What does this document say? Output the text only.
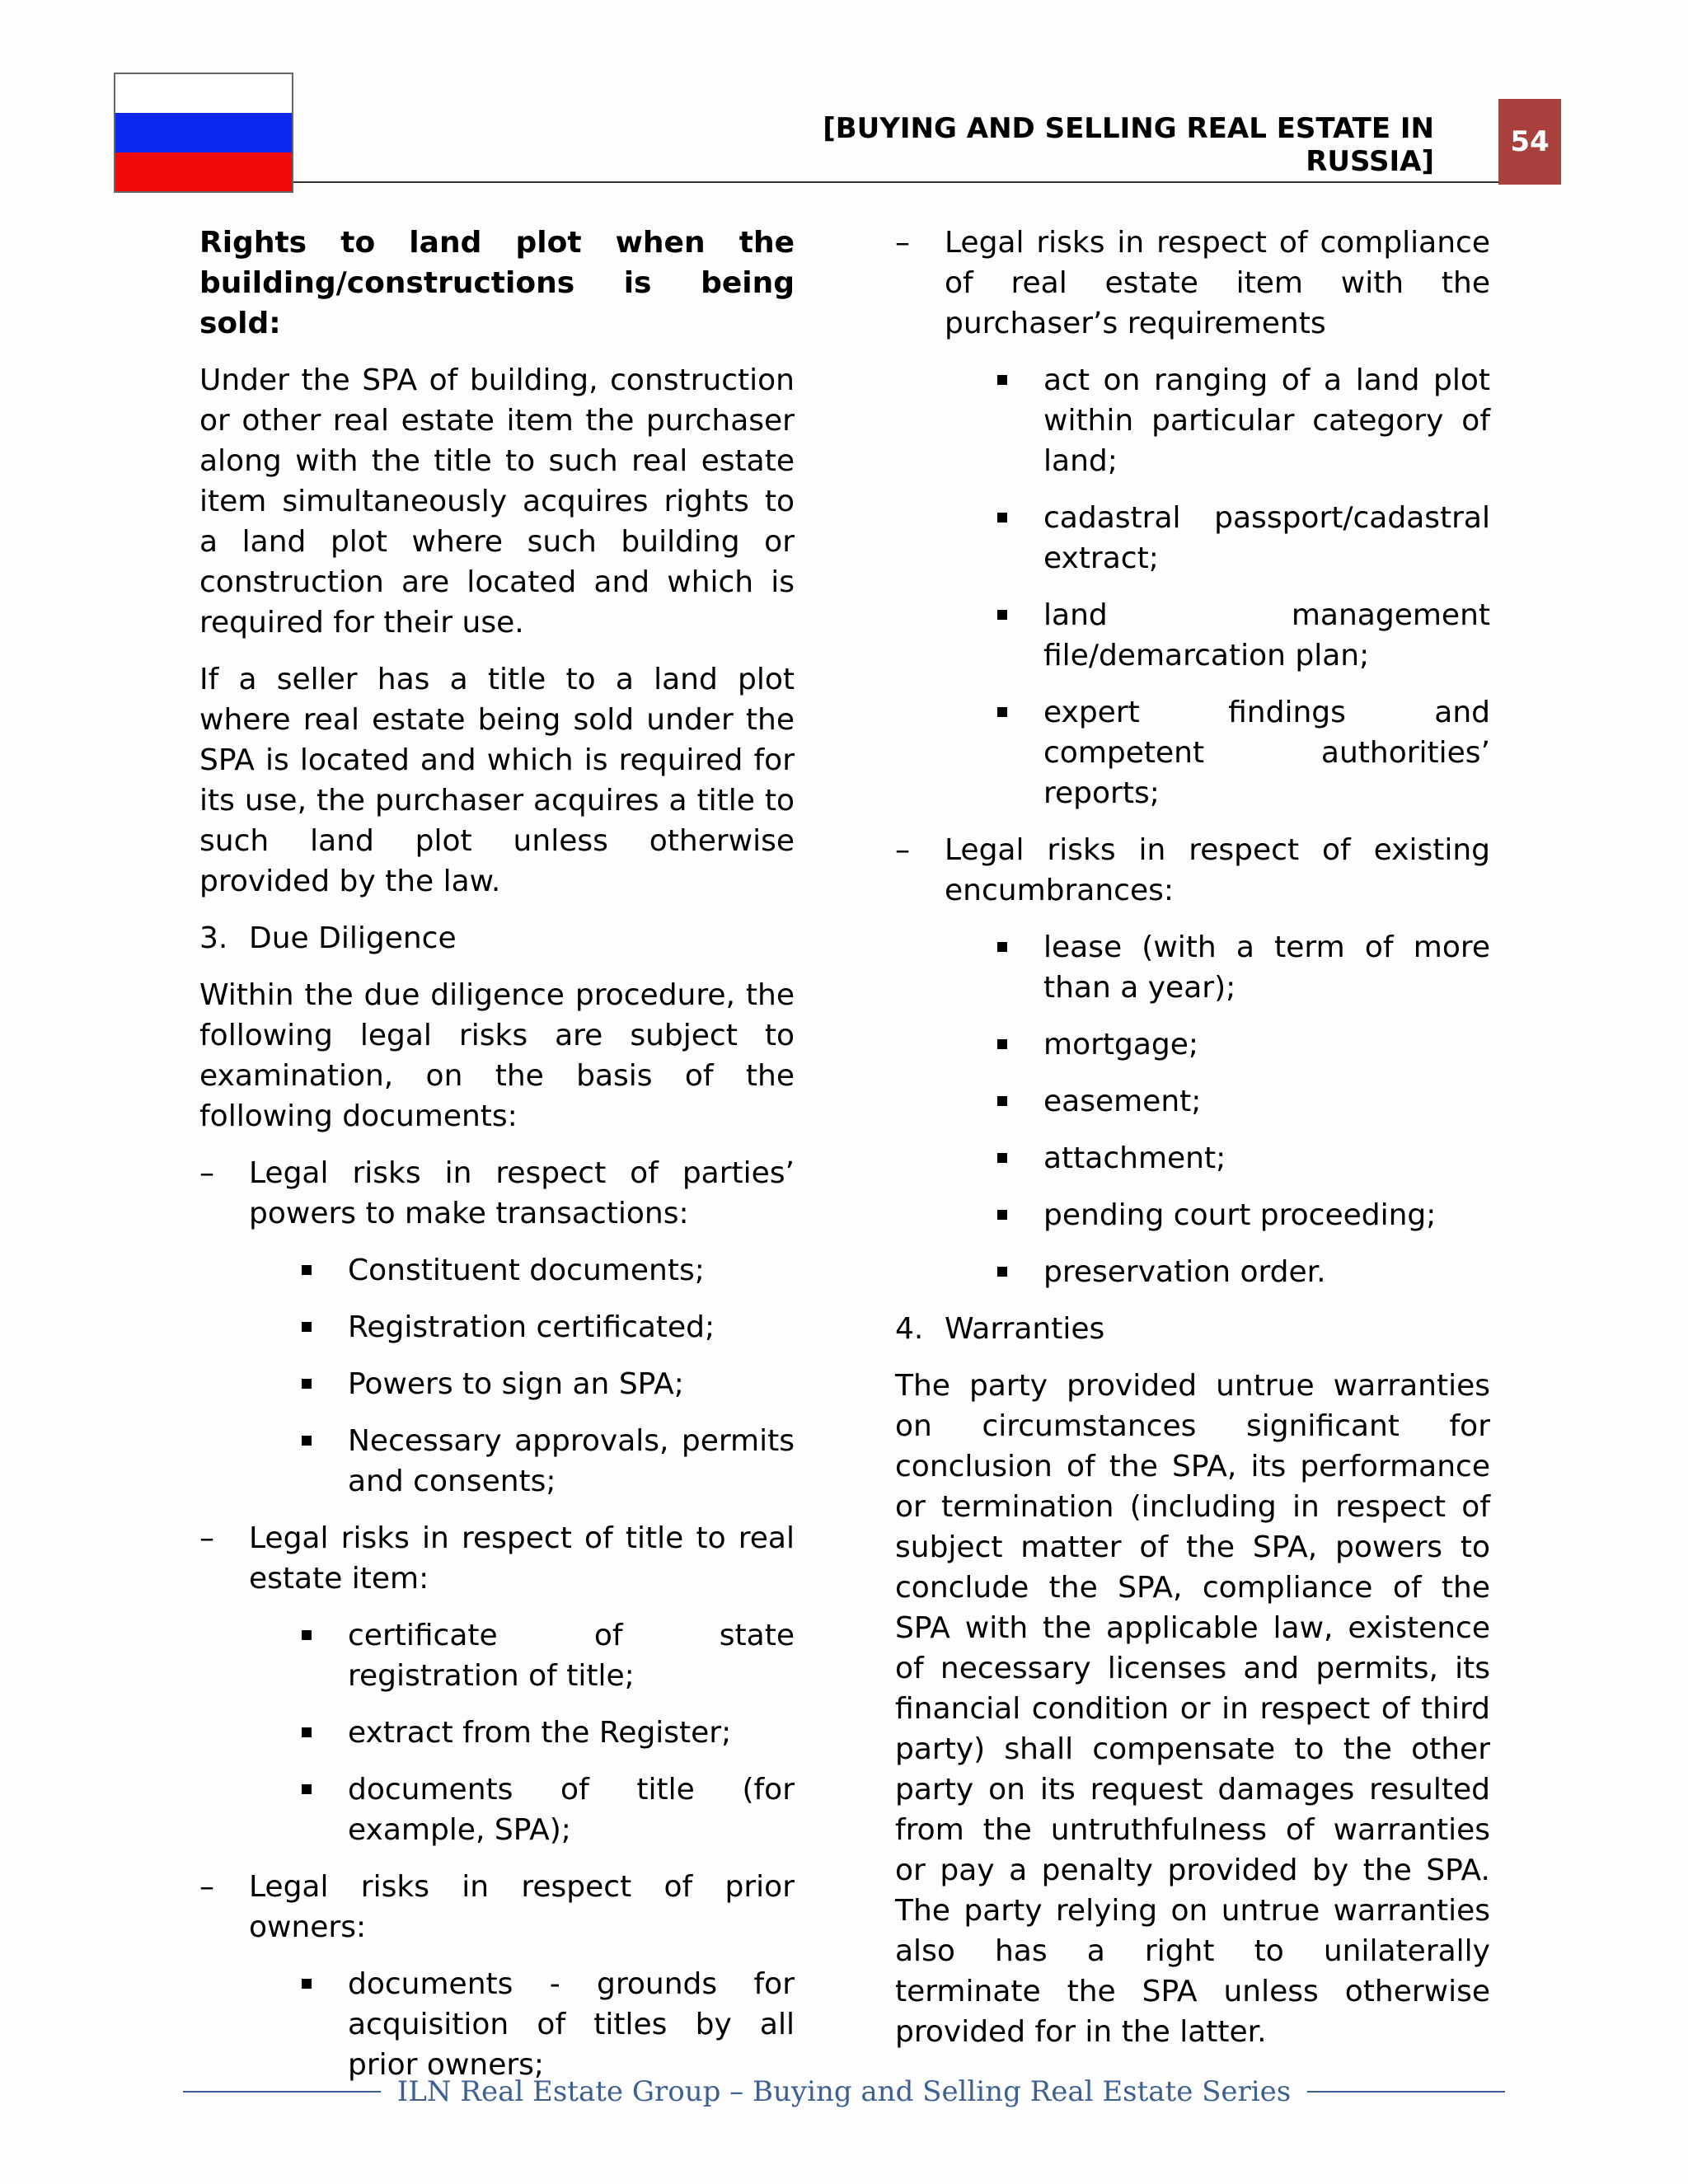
[BUYING AND SELLING REAL ESTATE IN RUSSIA]
54

Rights to land plot when the building/constructions is being sold:

Under the SPA of building, construction or other real estate item the purchaser along with the title to such real estate item simultaneously acquires rights to a land plot where such building or construction are located and which is required for their use.

If a seller has a title to a land plot where real estate being sold under the SPA is located and which is required for its use, the purchaser acquires a title to such land plot unless otherwise provided by the law.

3. Due Diligence

Within the due diligence procedure, the following legal risks are subject to examination, on the basis of the following documents:

–	Legal risks in respect of parties’ powers to make transactions:
Constituent documents;
Registration certificated;
Powers to sign an SPA;
Necessary approvals, permits and consents;
–	Legal risks in respect of title to real estate item:
certificate of state registration of title;
extract from the Register;
documents of title (for example, SPA);
–	Legal risks in respect of prior owners:
documents - grounds for acquisition of titles by all prior owners;
–	Legal risks in respect of compliance of real estate item with the purchaser’s requirements
act on ranging of a land plot within particular category of land;
cadastral passport/cadastral extract;
land management file/demarcation plan;
expert findings and competent authorities’ reports;
–	Legal risks in respect of existing encumbrances:
lease (with a term of more than a year);
mortgage;
easement;
attachment;
pending court proceeding;
preservation order.
4. Warranties

The party provided untrue warranties on circumstances significant for conclusion of the SPA, its performance or termination (including in respect of subject matter of the SPA, powers to conclude the SPA, compliance of the SPA with the applicable law, existence of necessary licenses and permits, its financial condition or in respect of third party) shall compensate to the other party on its request damages resulted from the untruthfulness of warranties or pay a penalty provided by the SPA. The party relying on untrue warranties also has a right to unilaterally terminate the SPA unless otherwise provided for in the latter.

ILN Real Estate Group – Buying and Selling Real Estate Series
